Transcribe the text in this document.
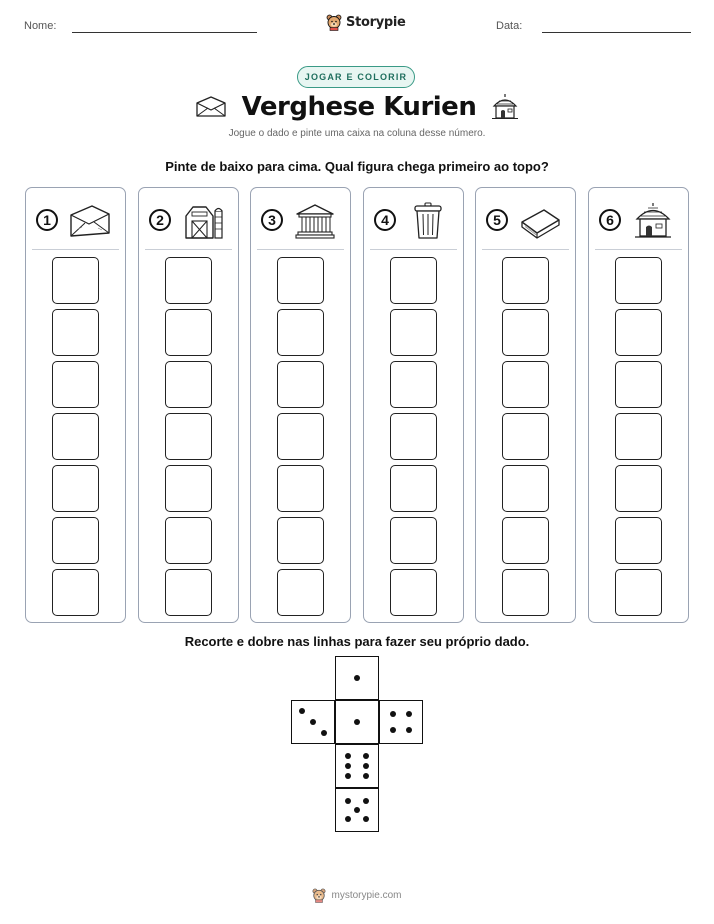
Nome:	Storypie	Data:
JOGAR E COLORIR
Verghese Kurien
Jogue o dado e pinte uma caixa na coluna desse número.
Pinte de baixo para cima. Qual figura chega primeiro ao topo?
1	2	3	4	5	6
Recorte e dobre nas linhas para fazer seu próprio dado.
mystorypie.com
